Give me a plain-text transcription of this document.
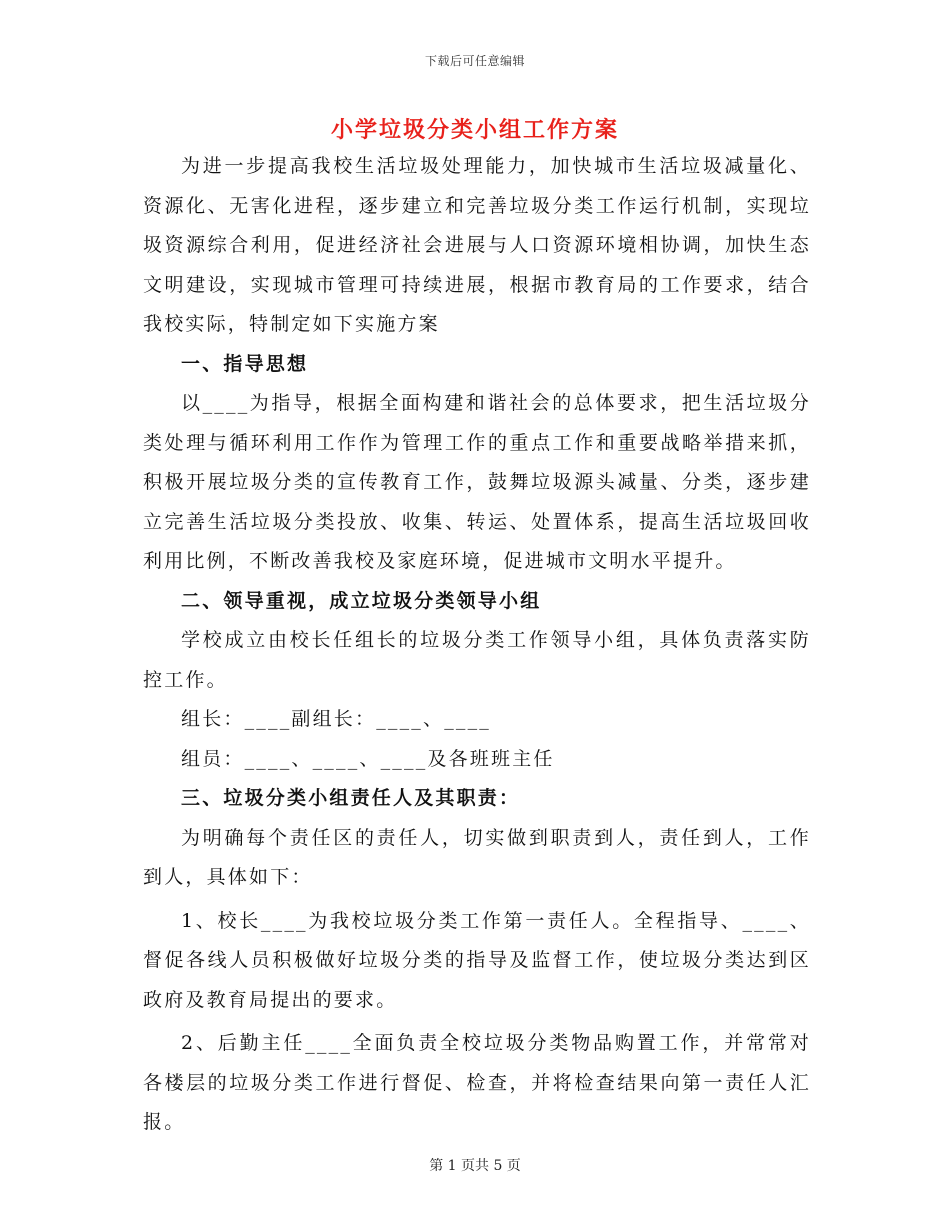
下载后可任意编辑
小学垃圾分类小组工作方案

为进一步提高我校生活垃圾处理能力，加快城市生活垃圾减量化、资源化、无害化进程，逐步建立和完善垃圾分类工作运行机制，实现垃圾资源综合利用，促进经济社会进展与人口资源环境相协调，加快生态文明建设，实现城市管理可持续进展，根据市教育局的工作要求，结合我校实际，特制定如下实施方案

一、指导思想

以____为指导，根据全面构建和谐社会的总体要求，把生活垃圾分类处理与循环利用工作作为管理工作的重点工作和重要战略举措来抓，积极开展垃圾分类的宣传教育工作，鼓舞垃圾源头减量、分类，逐步建立完善生活垃圾分类投放、收集、转运、处置体系，提高生活垃圾回收利用比例，不断改善我校及家庭环境，促进城市文明水平提升。

二、领导重视，成立垃圾分类领导小组

学校成立由校长任组长的垃圾分类工作领导小组，具体负责落实防控工作。

组长：____副组长：____、____

组员：____、____、____及各班班主任

三、垃圾分类小组责任人及其职责：

为明确每个责任区的责任人，切实做到职责到人，责任到人，工作到人，具体如下：

1、校长____为我校垃圾分类工作第一责任人。全程指导、____、督促各线人员积极做好垃圾分类的指导及监督工作，使垃圾分类达到区政府及教育局提出的要求。

2、后勤主任____全面负责全校垃圾分类物品购置工作，并常常对各楼层的垃圾分类工作进行督促、检查，并将检查结果向第一责任人汇报。

第 1 页共 5 页
